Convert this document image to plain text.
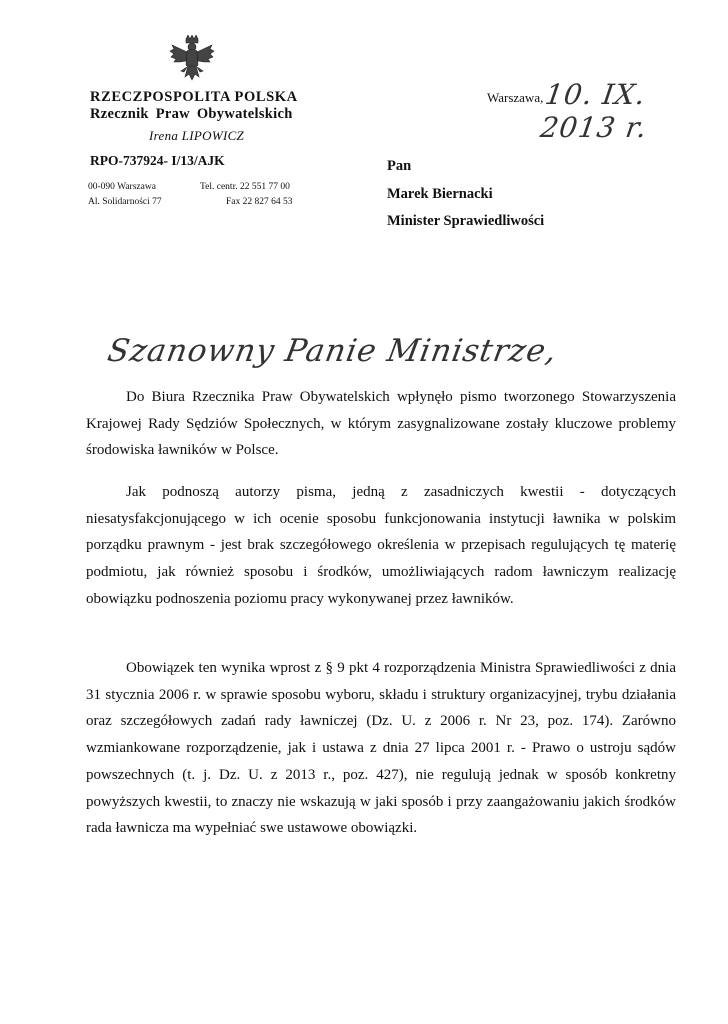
RZECZPOSPOLITA POLSKA
Rzecznik Praw Obywatelskich
Irena LIPOWICZ
RPO-737924- I/13/AJK
00-090 Warszawa
Al. Solidarności 77
Tel. centr. 22 551 77 00
Fax 22 827 64 53
Warszawa, 10. IX. 2013 r.
Pan
Marek Biernacki
Minister Sprawiedliwości
Szanowny Panie Ministrze,

Do Biura Rzecznika Praw Obywatelskich wpłynęło pismo tworzonego Stowarzyszenia Krajowej Rady Sędziów Społecznych, w którym zasygnalizowane zostały kluczowe problemy środowiska ławników w Polsce.

Jak podnoszą autorzy pisma, jedną z zasadniczych kwestii - dotyczących niesatysfakcjonującego w ich ocenie sposobu funkcjonowania instytucji ławnika w polskim porządku prawnym - jest brak szczegółowego określenia w przepisach regulujących tę materię podmiotu, jak również sposobu i środków, umożliwiających radom ławniczym realizację obowiązku podnoszenia poziomu pracy wykonywanej przez ławników.

Obowiązek ten wynika wprost z § 9 pkt 4 rozporządzenia Ministra Sprawiedliwości z dnia 31 stycznia 2006 r. w sprawie sposobu wyboru, składu i struktury organizacyjnej, trybu działania oraz szczegółowych zadań rady ławniczej (Dz. U. z 2006 r. Nr 23, poz. 174). Zarówno wzmiankowane rozporządzenie, jak i ustawa z dnia 27 lipca 2001 r. - Prawo o ustroju sądów powszechnych (t. j. Dz. U. z 2013 r., poz. 427), nie regulują jednak w sposób konkretny powyższych kwestii, to znaczy nie wskazują w jaki sposób i przy zaangażowaniu jakich środków rada ławnicza ma wypełniać swe ustawowe obowiązki.
